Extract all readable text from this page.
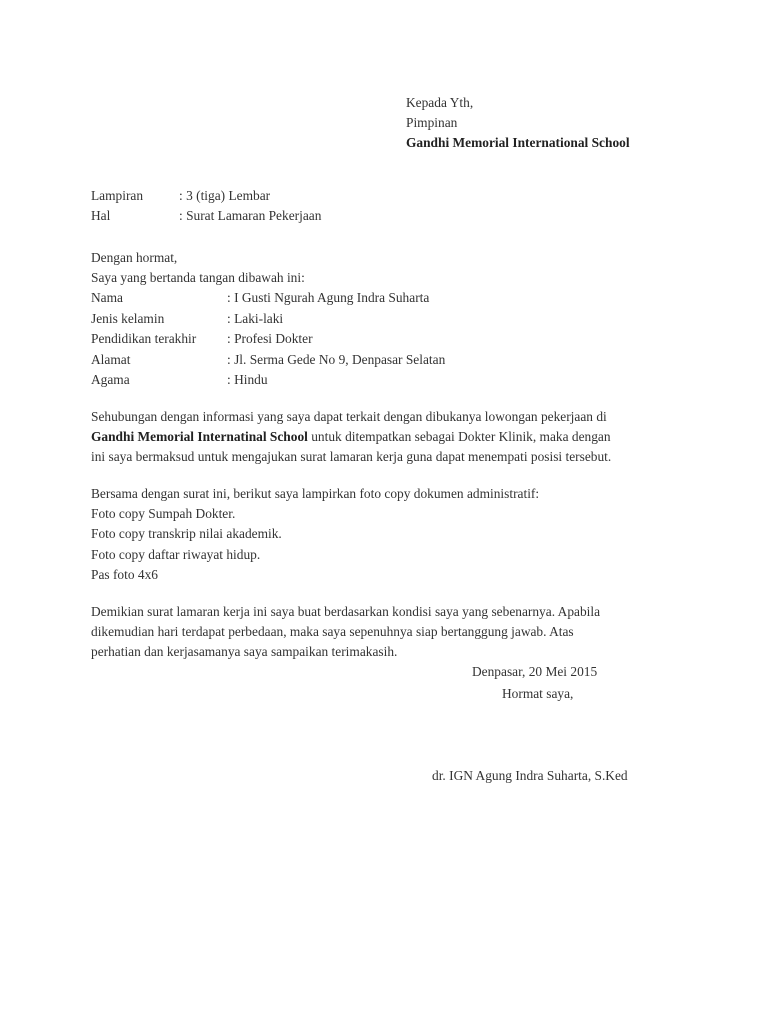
Kepada Yth,
Pimpinan
Gandhi Memorial International School
Lampiran	: 3 (tiga) Lembar
Hal	: Surat Lamaran Pekerjaan
Dengan hormat,
Saya yang bertanda tangan dibawah ini:
Nama	: I Gusti Ngurah Agung Indra Suharta
Jenis kelamin	: Laki-laki
Pendidikan terakhir : Profesi Dokter
Alamat	: Jl. Serma Gede No 9, Denpasar Selatan
Agama	: Hindu
Sehubungan dengan informasi yang saya dapat terkait dengan dibukanya lowongan pekerjaan di
Gandhi Memorial Internatinal School untuk ditempatkan sebagai Dokter Klinik, maka dengan
ini saya bermaksud untuk mengajukan surat lamaran kerja guna dapat menempati posisi tersebut.
Bersama dengan surat ini, berikut saya lampirkan foto copy dokumen administratif:
Foto copy Sumpah Dokter.
Foto copy transkrip nilai akademik.
Foto copy daftar riwayat hidup.
Pas foto 4x6
Demikian surat lamaran kerja ini saya buat berdasarkan kondisi saya yang sebenarnya. Apabila
dikemudian hari terdapat perbedaan, maka saya sepenuhnya siap bertanggung jawab. Atas
perhatian dan kerjasamanya saya sampaikan terimakasih.
Denpasar, 20 Mei 2015
Hormat saya,
dr. IGN Agung Indra Suharta, S.Ked
